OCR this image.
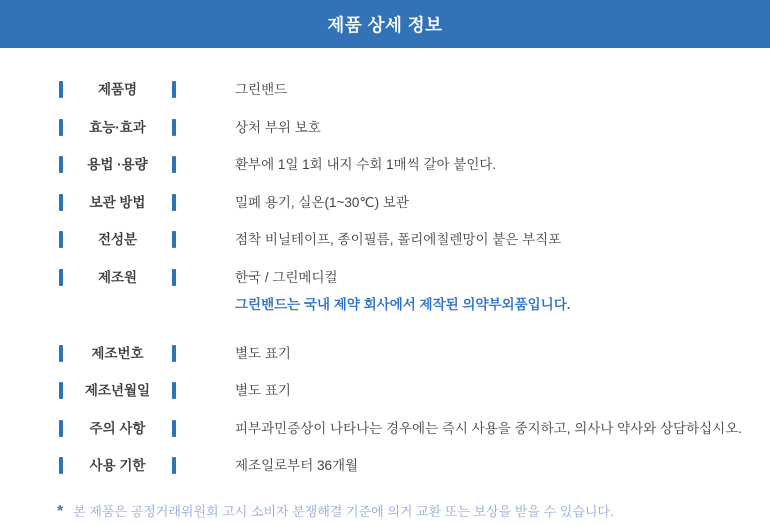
제품 상세 정보
제품명	그린밴드
효능·효과	상처 부위 보호
용법 ·용량	환부에 1일 1회 내지 수회 1매씩 갈아 붙인다.
보관 방법	밀폐 용기, 실온(1~30℃) 보관
전성분	점착 비닐테이프, 종이필름, 폴리에칠렌망이 붙은 부직포
제조원	한국 / 그린메디컬
그린밴드는 국내 제약 회사에서 제작된 의약부외품입니다.
제조번호	별도 표기
제조년월일	별도 표기
주의 사항	피부과민증상이 나타나는 경우에는 즉시 사용을 중지하고, 의사나 약사와 상담하십시오.
사용 기한	제조일로부터 36개월
* 본 제품은 공정거래위원회 고시 소비자 분쟁해결 기준에 의거 교환 또는 보상을 받을 수 있습니다.
